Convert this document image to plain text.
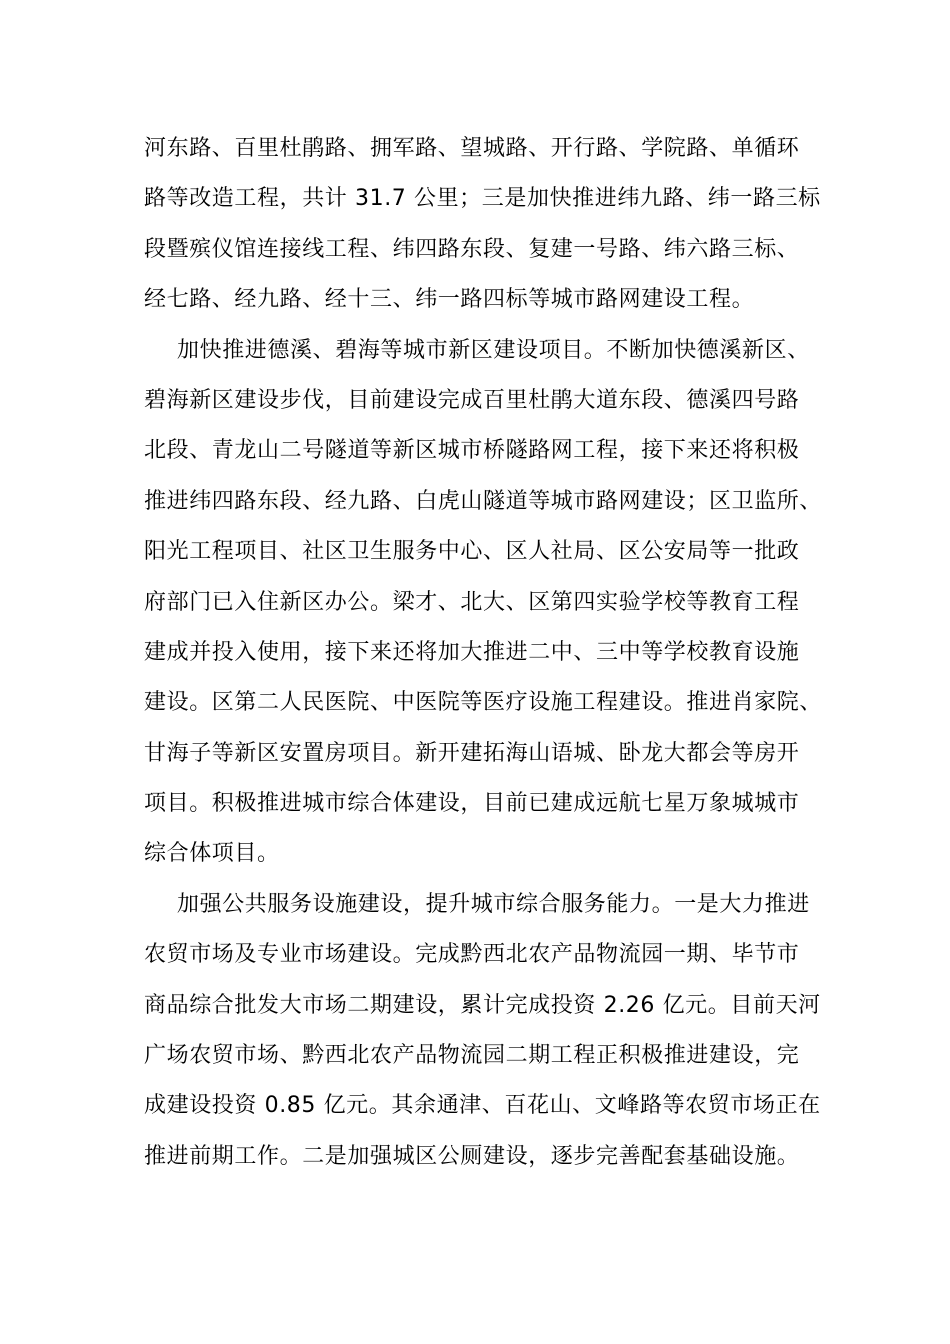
河东路、百里杜鹃路、拥军路、望城路、开行路、学院路、单循环
路等改造工程，共计 31.7 公里；三是加快推进纬九路、纬一路三标
段暨殡仪馆连接线工程、纬四路东段、复建一号路、纬六路三标、
经七路、经九路、经十三、纬一路四标等城市路网建设工程。
加快推进德溪、碧海等城市新区建设项目。不断加快德溪新区、
碧海新区建设步伐，目前建设完成百里杜鹃大道东段、德溪四号路
北段、青龙山二号隧道等新区城市桥隧路网工程，接下来还将积极
推进纬四路东段、经九路、白虎山隧道等城市路网建设；区卫监所、
阳光工程项目、社区卫生服务中心、区人社局、区公安局等一批政
府部门已入住新区办公。梁才、北大、区第四实验学校等教育工程
建成并投入使用，接下来还将加大推进二中、三中等学校教育设施
建设。区第二人民医院、中医院等医疗设施工程建设。推进肖家院、
甘海子等新区安置房项目。新开建拓海山语城、卧龙大都会等房开
项目。积极推进城市综合体建设，目前已建成远航七星万象城城市
综合体项目。
加强公共服务设施建设，提升城市综合服务能力。一是大力推进
农贸市场及专业市场建设。完成黔西北农产品物流园一期、毕节市
商品综合批发大市场二期建设，累计完成投资 2.26 亿元。目前天河
广场农贸市场、黔西北农产品物流园二期工程正积极推进建设，完
成建设投资 0.85 亿元。其余通津、百花山、文峰路等农贸市场正在
推进前期工作。二是加强城区公厕建设，逐步完善配套基础设施。
